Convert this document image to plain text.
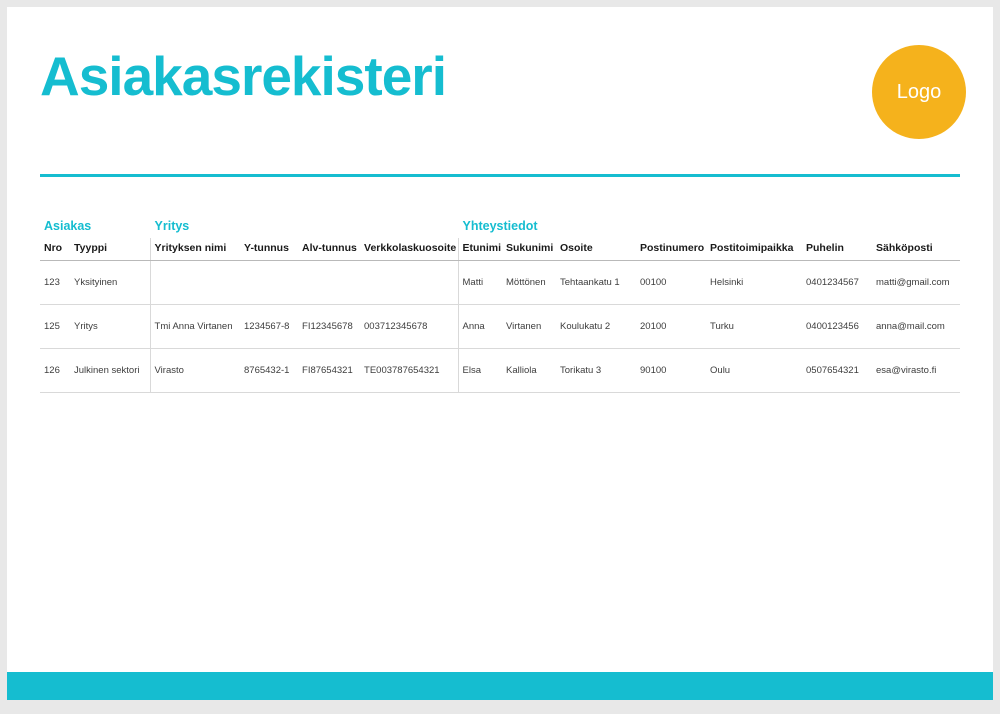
Asiakasrekisteri	Logo
Asiakas		Yritys				Yhteystiedot						
Nro	Tyyppi	Yrityksen nimi	Y-tunnus	Alv-tunnus	Verkkolaskuosoite	Etunimi	Sukunimi	Osoite	Postinumero	Postitoimipaikka	Puhelin	Sähköposti
123	Yksityinen					Matti	Möttönen	Tehtaankatu 1	00100	Helsinki	0401234567	matti@gmail.com
125	Yritys	Tmi Anna Virtanen	1234567-8	FI12345678	003712345678	Anna	Virtanen	Koulukatu 2	20100	Turku	0400123456	anna@mail.com
126	Julkinen sektori	Virasto	8765432-1	FI87654321	TE003787654321	Elsa	Kalliola	Torikatu 3	90100	Oulu	0507654321	esa@virasto.fi
